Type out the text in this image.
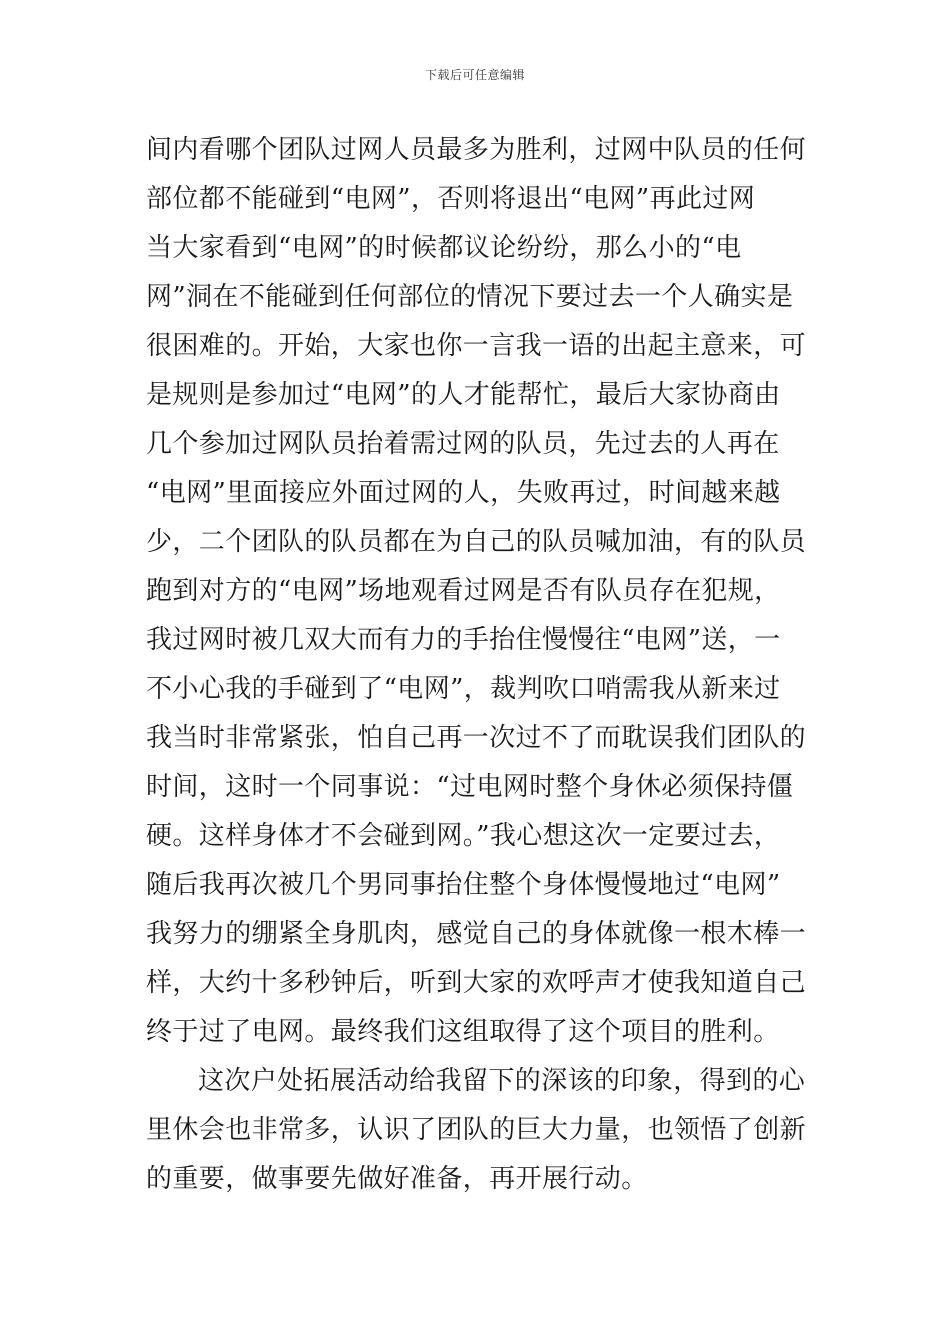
下载后可任意编辑
间内看哪个团队过网人员最多为胜利，过网中队员的任何
部位都不能碰到“电网”，否则将退出“电网”再此过网
当大家看到“电网”的时候都议论纷纷，那么小的“电
网”洞在不能碰到任何部位的情况下要过去一个人确实是
很困难的。开始，大家也你一言我一语的出起主意来，可
是规则是参加过“电网”的人才能帮忙，最后大家协商由
几个参加过网队员抬着需过网的队员，先过去的人再在
“电网”里面接应外面过网的人，失败再过，时间越来越
少，二个团队的队员都在为自己的队员喊加油，有的队员
跑到对方的“电网”场地观看过网是否有队员存在犯规，
我过网时被几双大而有力的手抬住慢慢往“电网”送，一
不小心我的手碰到了“电网”，裁判吹口哨需我从新来过
我当时非常紧张，怕自己再一次过不了而耽误我们团队的
时间，这时一个同事说：“过电网时整个身休必须保持僵
硬。这样身体才不会碰到网。”我心想这次一定要过去，
随后我再次被几个男同事抬住整个身体慢慢地过“电网”
我努力的绷紧全身肌肉，感觉自己的身体就像一根木棒一
样，大约十多秒钟后，听到大家的欢呼声才使我知道自己
终于过了电网。最终我们这组取得了这个项目的胜利。
这次户处拓展活动给我留下的深该的印象，得到的心
里休会也非常多，认识了团队的巨大力量，也领悟了创新
的重要，做事要先做好准备，再开展行动。
